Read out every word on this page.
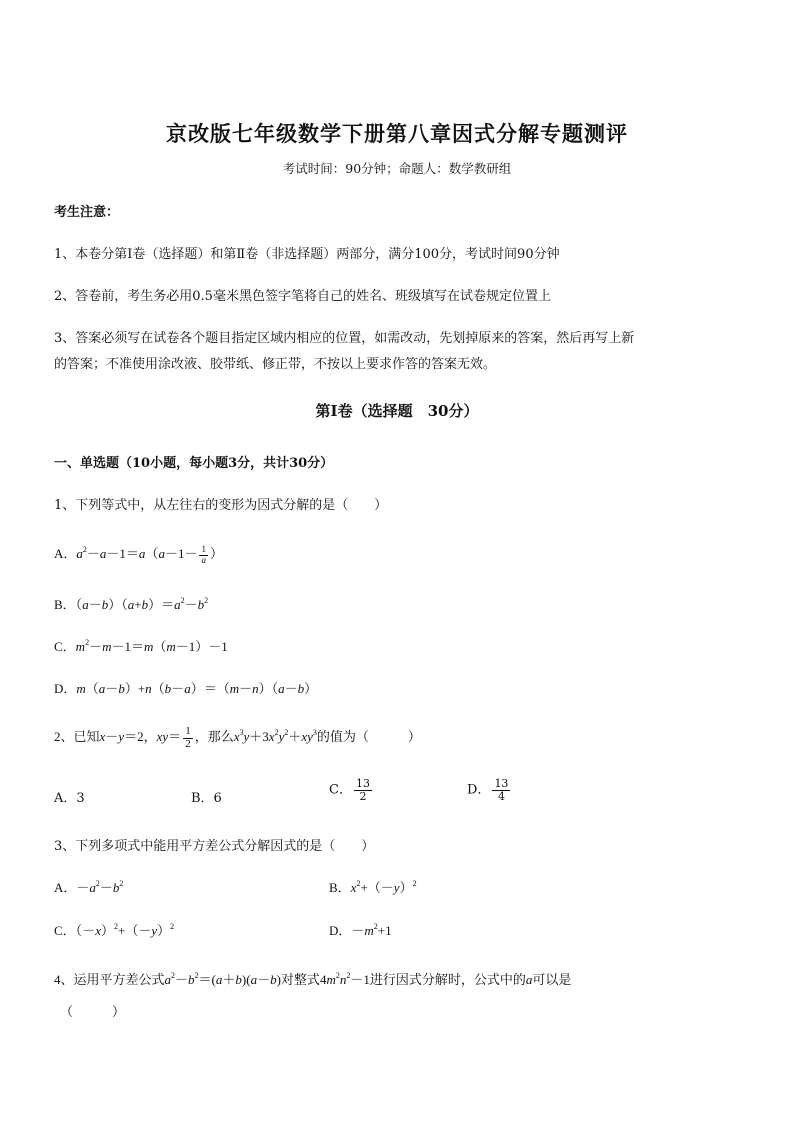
京改版七年级数学下册第八章因式分解专题测评
考试时间：90分钟；命题人：数学教研组
考生注意：
1、本卷分第Ⅰ卷（选择题）和第Ⅱ卷（非选择题）两部分，满分100分，考试时间90分钟
2、答卷前，考生务必用0.5毫米黑色签字笔将自己的姓名、班级填写在试卷规定位置上
3、答案必须写在试卷各个题目指定区域内相应的位置，如需改动，先划掉原来的答案，然后再写上新
的答案；不准使用涂改液、胶带纸、修正带，不按以上要求作答的答案无效。
第Ⅰ卷（选择题　30分）
一、单选题（10小题，每小题3分，共计30分）
1、下列等式中，从左往右的变形为因式分解的是（　　）
A．$a^2-a-1=a(a-1- \frac{1}{a}$ ）
B．$(a-b)(a+b)=a^2-b^2$
C．$m^2-m-1=m(m-1)-1$
D．m（a－b）+n（b－a）＝（m－n）（a－b）
2、已知x－y＝2，$xy= \frac{1}{2}$ ，那么$x^3y+3x^2y^2+xy^3$的值为（　　　）
A．3	B．6
C． $\frac{13}{2}$	D． $\frac{13}{4}$
3、下列多项式中能用平方差公式分解因式的是（　　）
A．$-a^2-b^2$	B．$x^2+(-y)^2$
C．$(-x)^2+(-y)^2$	D．$-m^2+1$
4、运用平方差公式$a^2-b^2=(a+b)(a-b)$对整式$4m^2n^2-1$进行因式分解时，公式中的a可以是
（　　　）
